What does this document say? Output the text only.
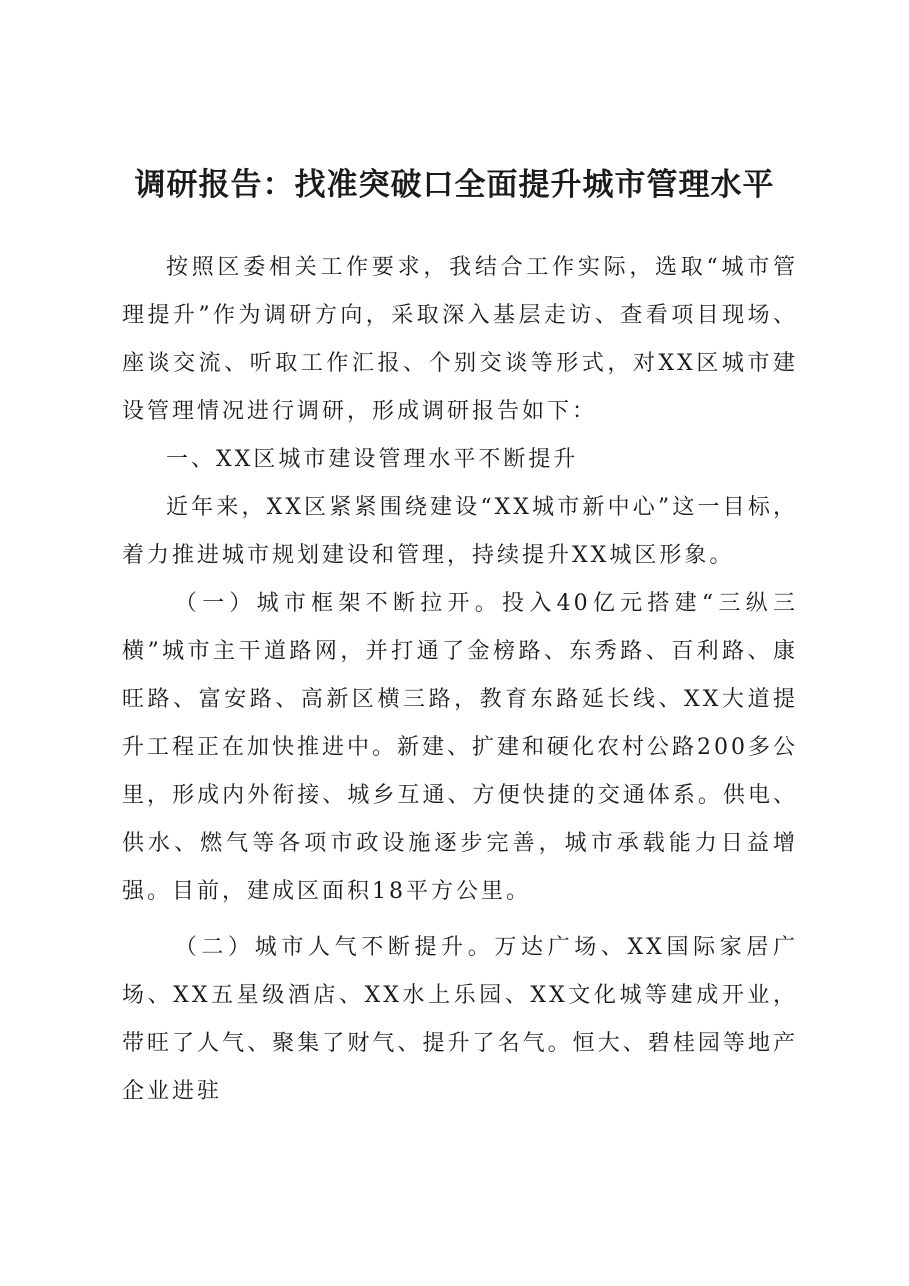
调研报告：找准突破口全面提升城市管理水平

按照区委相关工作要求，我结合工作实际，选取“城市管理提升”作为调研方向，采取深入基层走访、查看项目现场、座谈交流、听取工作汇报、个别交谈等形式，对XX区城市建设管理情况进行调研，形成调研报告如下：

一、XX区城市建设管理水平不断提升

近年来，XX区紧紧围绕建设“XX城市新中心”这一目标，着力推进城市规划建设和管理，持续提升XX城区形象。

（一）城市框架不断拉开。投入40亿元搭建“三纵三横”城市主干道路网，并打通了金榜路、东秀路、百利路、康旺路、富安路、高新区横三路，教育东路延长线、XX大道提升工程正在加快推进中。新建、扩建和硬化农村公路200多公里，形成内外衔接、城乡互通、方便快捷的交通体系。供电、供水、燃气等各项市政设施逐步完善，城市承载能力日益增强。目前，建成区面积18平方公里。

（二）城市人气不断提升。万达广场、XX国际家居广场、XX五星级酒店、XX水上乐园、XX文化城等建成开业，带旺了人气、聚集了财气、提升了名气。恒大、碧桂园等地产企业进驻
